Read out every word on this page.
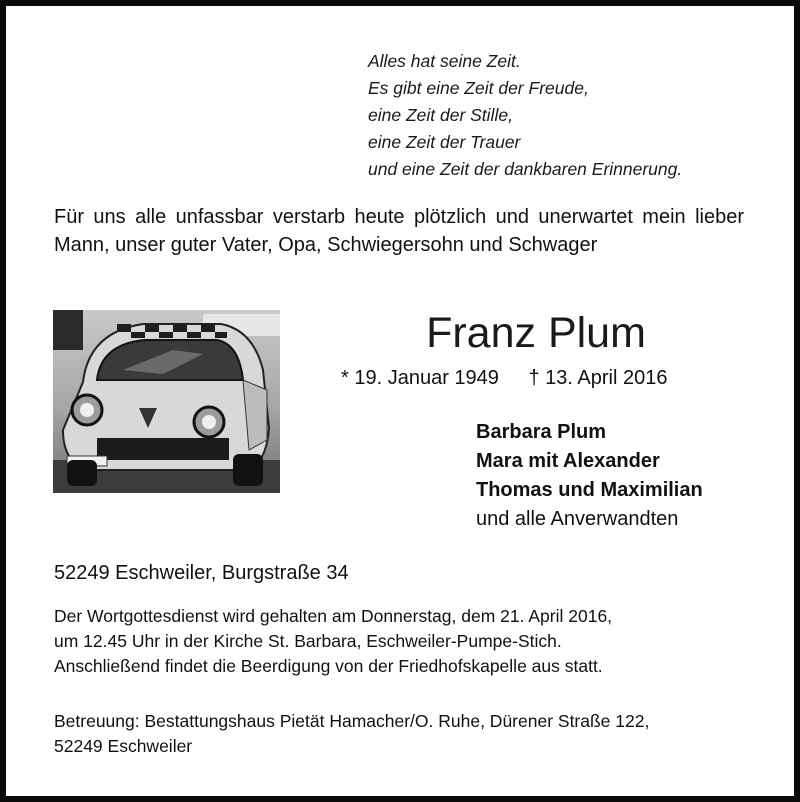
Alles hat seine Zeit.
Es gibt eine Zeit der Freude,
eine Zeit der Stille,
eine Zeit der Trauer
und eine Zeit der dankbaren Erinnerung.
Für uns alle unfassbar verstarb heute plötzlich und unerwartet mein lieber Mann, unser guter Vater, Opa, Schwiegersohn und Schwager
Franz Plum
* 19. Januar 1949 † 13. April 2016
Barbara Plum
Mara mit Alexander
Thomas und Maximilian
und alle Anverwandten
52249 Eschweiler, Burgstraße 34
Der Wortgottesdienst wird gehalten am Donnerstag, dem 21. April 2016,
um 12.45 Uhr in der Kirche St. Barbara, Eschweiler-Pumpe-Stich.
Anschließend findet die Beerdigung von der Friedhofskapelle aus statt.
Betreuung: Bestattungshaus Pietät Hamacher/O. Ruhe, Dürener Straße 122,
52249 Eschweiler
